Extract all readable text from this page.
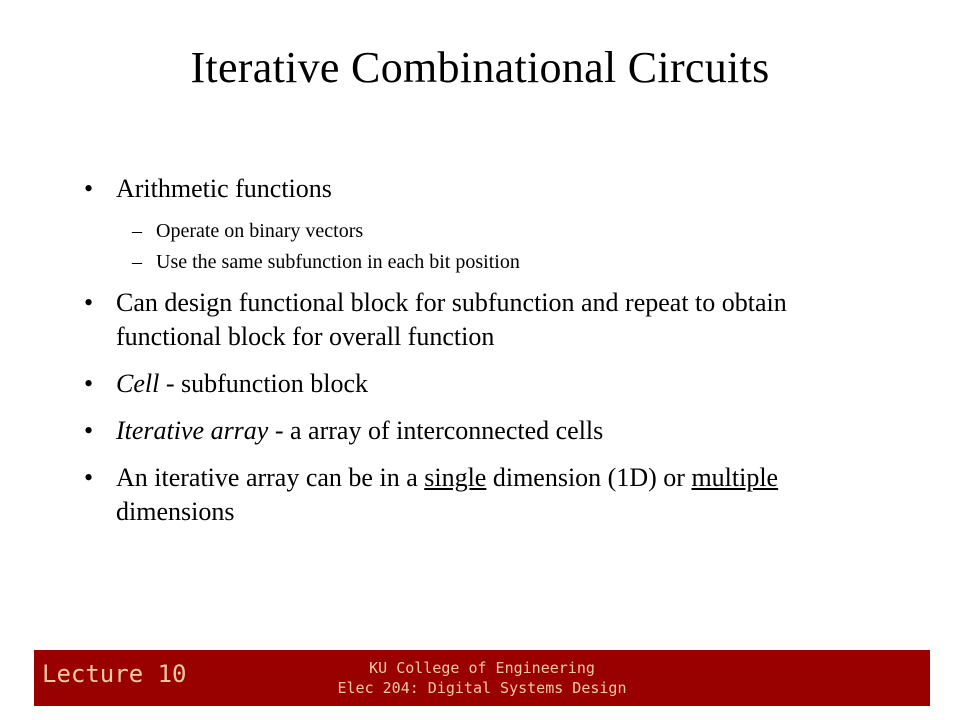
Iterative Combinational Circuits
• Arithmetic functions
– Operate on binary vectors
– Use the same subfunction in each bit position
• Can design functional block for subfunction and repeat to obtain functional block for overall function
• Cell - subfunction block
• Iterative array - a array of interconnected cells
• An iterative array can be in a single dimension (1D) or multiple dimensions
Lecture 10	KU College of Engineering
Elec 204: Digital Systems Design
